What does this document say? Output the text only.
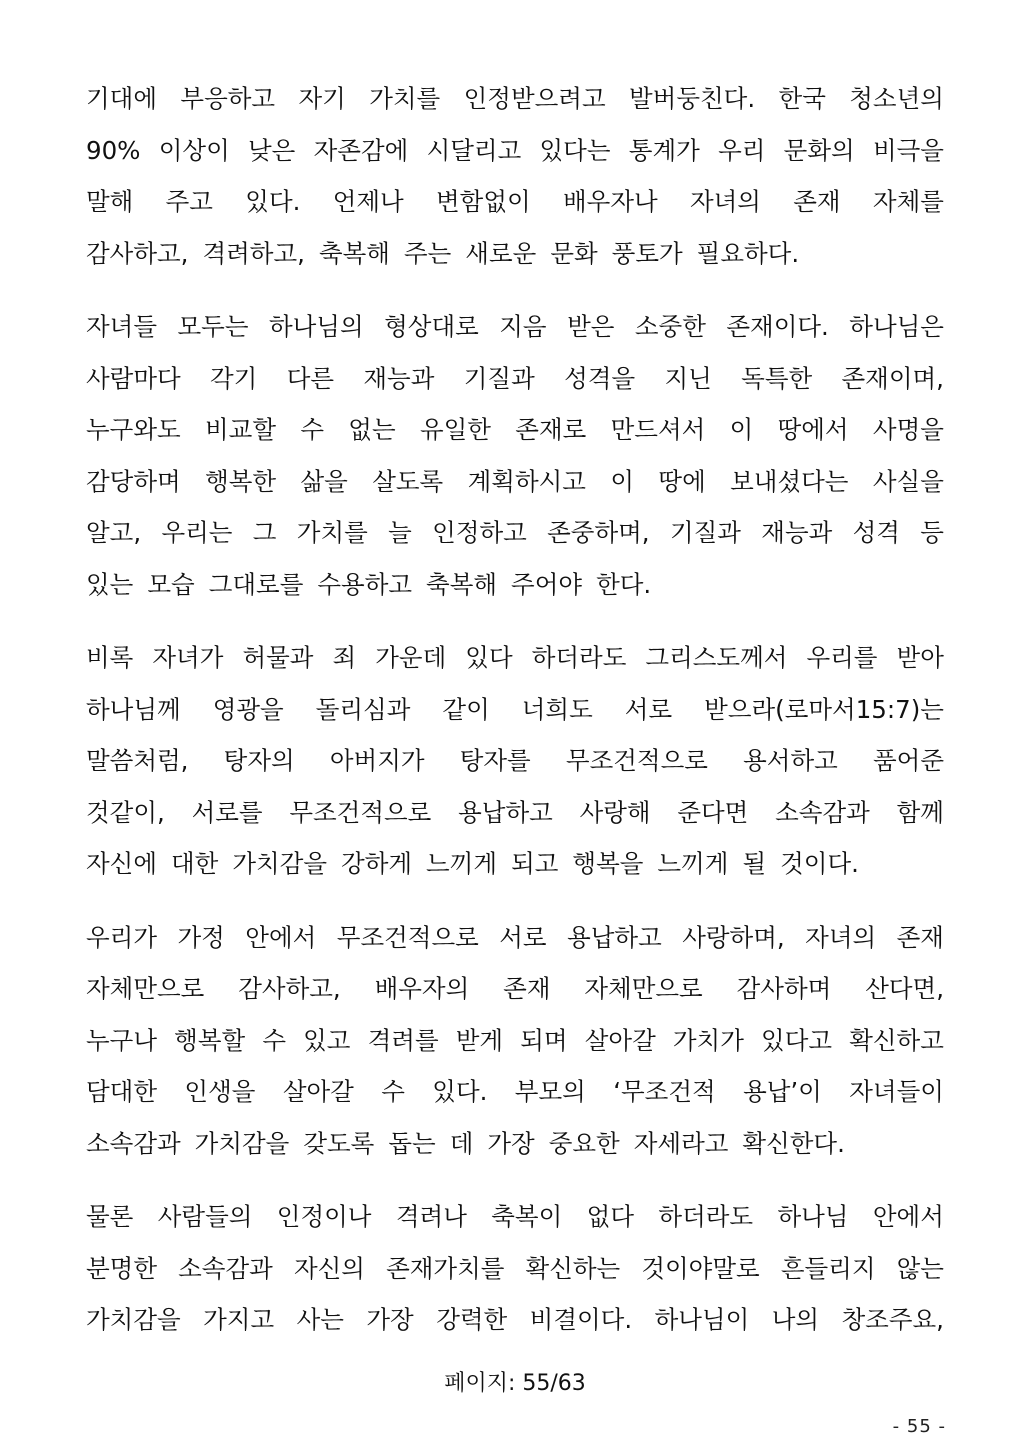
기대에 부응하고 자기 가치를 인정받으려고 발버둥친다. 한국 청소년의
90% 이상이 낮은 자존감에 시달리고 있다는 통계가 우리 문화의 비극을
말해 주고 있다. 언제나 변함없이 배우자나 자녀의 존재 자체를
감사하고, 격려하고, 축복해 주는 새로운 문화 풍토가 필요하다.
자녀들 모두는 하나님의 형상대로 지음 받은 소중한 존재이다. 하나님은
사람마다 각기 다른 재능과 기질과 성격을 지닌 독특한 존재이며,
누구와도 비교할 수 없는 유일한 존재로 만드셔서 이 땅에서 사명을
감당하며 행복한 삶을 살도록 계획하시고 이 땅에 보내셨다는 사실을
알고, 우리는 그 가치를 늘 인정하고 존중하며, 기질과 재능과 성격 등
있는 모습 그대로를 수용하고 축복해 주어야 한다.
비록 자녀가 허물과 죄 가운데 있다 하더라도 그리스도께서 우리를 받아
하나님께 영광을 돌리심과 같이 너희도 서로 받으라(로마서15:7)는
말씀처럼, 탕자의 아버지가 탕자를 무조건적으로 용서하고 품어준
것같이, 서로를 무조건적으로 용납하고 사랑해 준다면 소속감과 함께
자신에 대한 가치감을 강하게 느끼게 되고 행복을 느끼게 될 것이다.
우리가 가정 안에서 무조건적으로 서로 용납하고 사랑하며, 자녀의 존재
자체만으로 감사하고, 배우자의 존재 자체만으로 감사하며 산다면,
누구나 행복할 수 있고 격려를 받게 되며 살아갈 가치가 있다고 확신하고
담대한 인생을 살아갈 수 있다. 부모의 ‘무조건적 용납’이 자녀들이
소속감과 가치감을 갖도록 돕는 데 가장 중요한 자세라고 확신한다.
물론 사람들의 인정이나 격려나 축복이 없다 하더라도 하나님 안에서
분명한 소속감과 자신의 존재가치를 확신하는 것이야말로 흔들리지 않는
가치감을 가지고 사는 가장 강력한 비결이다. 하나님이 나의 창조주요,
페이지: 55/63
- 55 -
